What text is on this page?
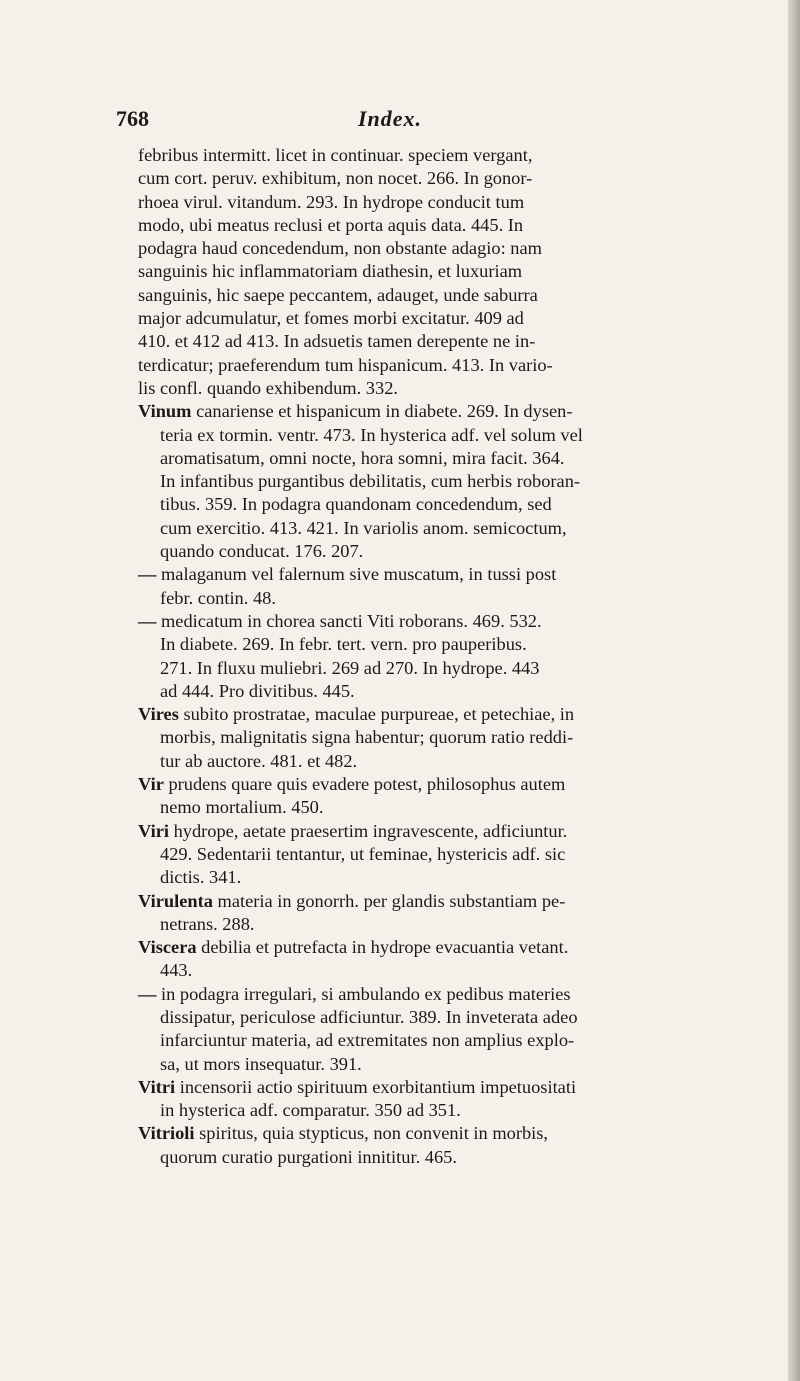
768	Index.
febribus intermitt. licet in continuar. speciem vergant,
cum cort. peruv. exhibitum, non nocet. 266. In gonor-
rhoea virul. vitandum. 293. In hydrope conducit tum
modo, ubi meatus reclusi et porta aquis data. 445. In
podagra haud concedendum, non obstante adagio: nam
sanguinis hic inflammatoriam diathesin, et luxuriam
sanguinis, hic saepe peccantem, adauget, unde saburra
major adcumulatur, et fomes morbi excitatur. 409 ad
410. et 412 ad 413. In adsuetis tamen derepente ne in-
terdicatur; praeferendum tum hispanicum. 413. In vario-
lis confl. quando exhibendum. 332.
Vinum canariense et hispanicum in diabete. 269. In dysen-
teria ex tormin. ventr. 473. In hysterica adf. vel solum vel
aromatisatum, omni nocte, hora somni, mira facit. 364.
In infantibus purgantibus debilitatis, cum herbis roboran-
tibus. 359. In podagra quandonam concedendum, sed
cum exercitio. 413. 421. In variolis anom. semicoctum,
quando conducat. 176. 207.
— malaganum vel falernum sive muscatum, in tussi post
febr. contin. 48.
— medicatum in chorea sancti Viti roborans. 469. 532.
In diabete. 269. In febr. tert. vern. pro pauperibus.
271. In fluxu muliebri. 269 ad 270. In hydrope. 443
ad 444. Pro divitibus. 445.
Vires subito prostratae, maculae purpureae, et petechiae, in
morbis, malignitatis signa habentur; quorum ratio reddi-
tur ab auctore. 481. et 482.
Vir prudens quare quis evadere potest, philosophus autem
nemo mortalium. 450.
Viri hydrope, aetate praesertim ingravescente, adficiuntur.
429. Sedentarii tentantur, ut feminae, hystericis adf. sic
dictis. 341.
Virulenta materia in gonorrh. per glandis substantiam pe-
netrans. 288.
Viscera debilia et putrefacta in hydrope evacuantia vetant.
443.
— in podagra irregulari, si ambulando ex pedibus materies
dissipatur, periculose adficiuntur. 389. In inveterata adeo
infarciuntur materia, ad extremitates non amplius explo-
sa, ut mors insequatur. 391.
Vitri incensorii actio spirituum exorbitantium impetuositati
in hysterica adf. comparatur. 350 ad 351.
Vitrioli spiritus, quia stypticus, non convenit in morbis,
quorum curatio purgationi innititur. 465.
